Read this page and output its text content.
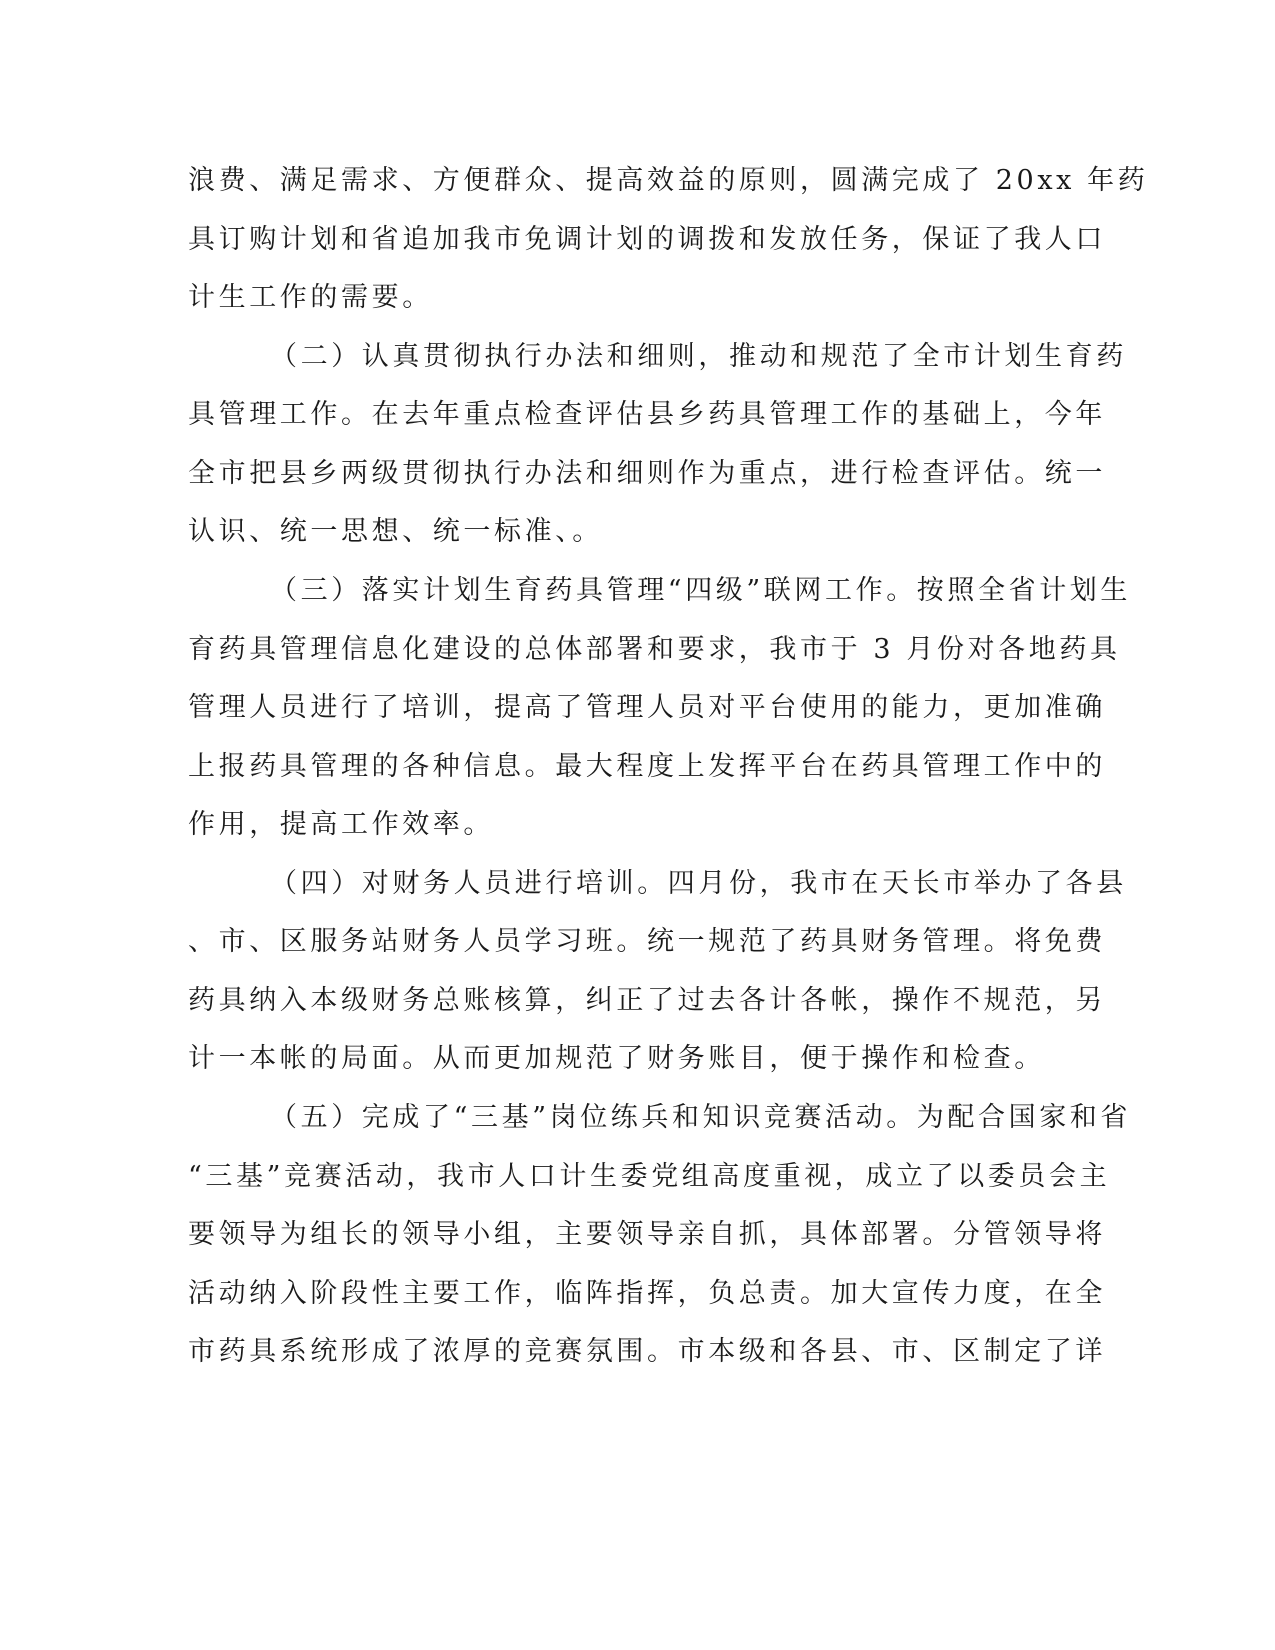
浪费、满足需求、方便群众、提高效益的原则，圆满完成了 20xx 年药
具订购计划和省追加我市免调计划的调拨和发放任务，保证了我人口
计生工作的需要。
（二）认真贯彻执行办法和细则，推动和规范了全市计划生育药
具管理工作。在去年重点检查评估县乡药具管理工作的基础上，今年
全市把县乡两级贯彻执行办法和细则作为重点，进行检查评估。统一
认识、统一思想、统一标准、。
（三）落实计划生育药具管理“四级”联网工作。按照全省计划生
育药具管理信息化建设的总体部署和要求，我市于 3 月份对各地药具
管理人员进行了培训，提高了管理人员对平台使用的能力，更加准确
上报药具管理的各种信息。最大程度上发挥平台在药具管理工作中的
作用，提高工作效率。
（四）对财务人员进行培训。四月份，我市在天长市举办了各县
、市、区服务站财务人员学习班。统一规范了药具财务管理。将免费
药具纳入本级财务总账核算，纠正了过去各计各帐，操作不规范，另
计一本帐的局面。从而更加规范了财务账目，便于操作和检查。
（五）完成了“三基”岗位练兵和知识竞赛活动。为配合国家和省
“三基”竞赛活动，我市人口计生委党组高度重视，成立了以委员会主
要领导为组长的领导小组，主要领导亲自抓，具体部署。分管领导将
活动纳入阶段性主要工作，临阵指挥，负总责。加大宣传力度，在全
市药具系统形成了浓厚的竞赛氛围。市本级和各县、市、区制定了详
